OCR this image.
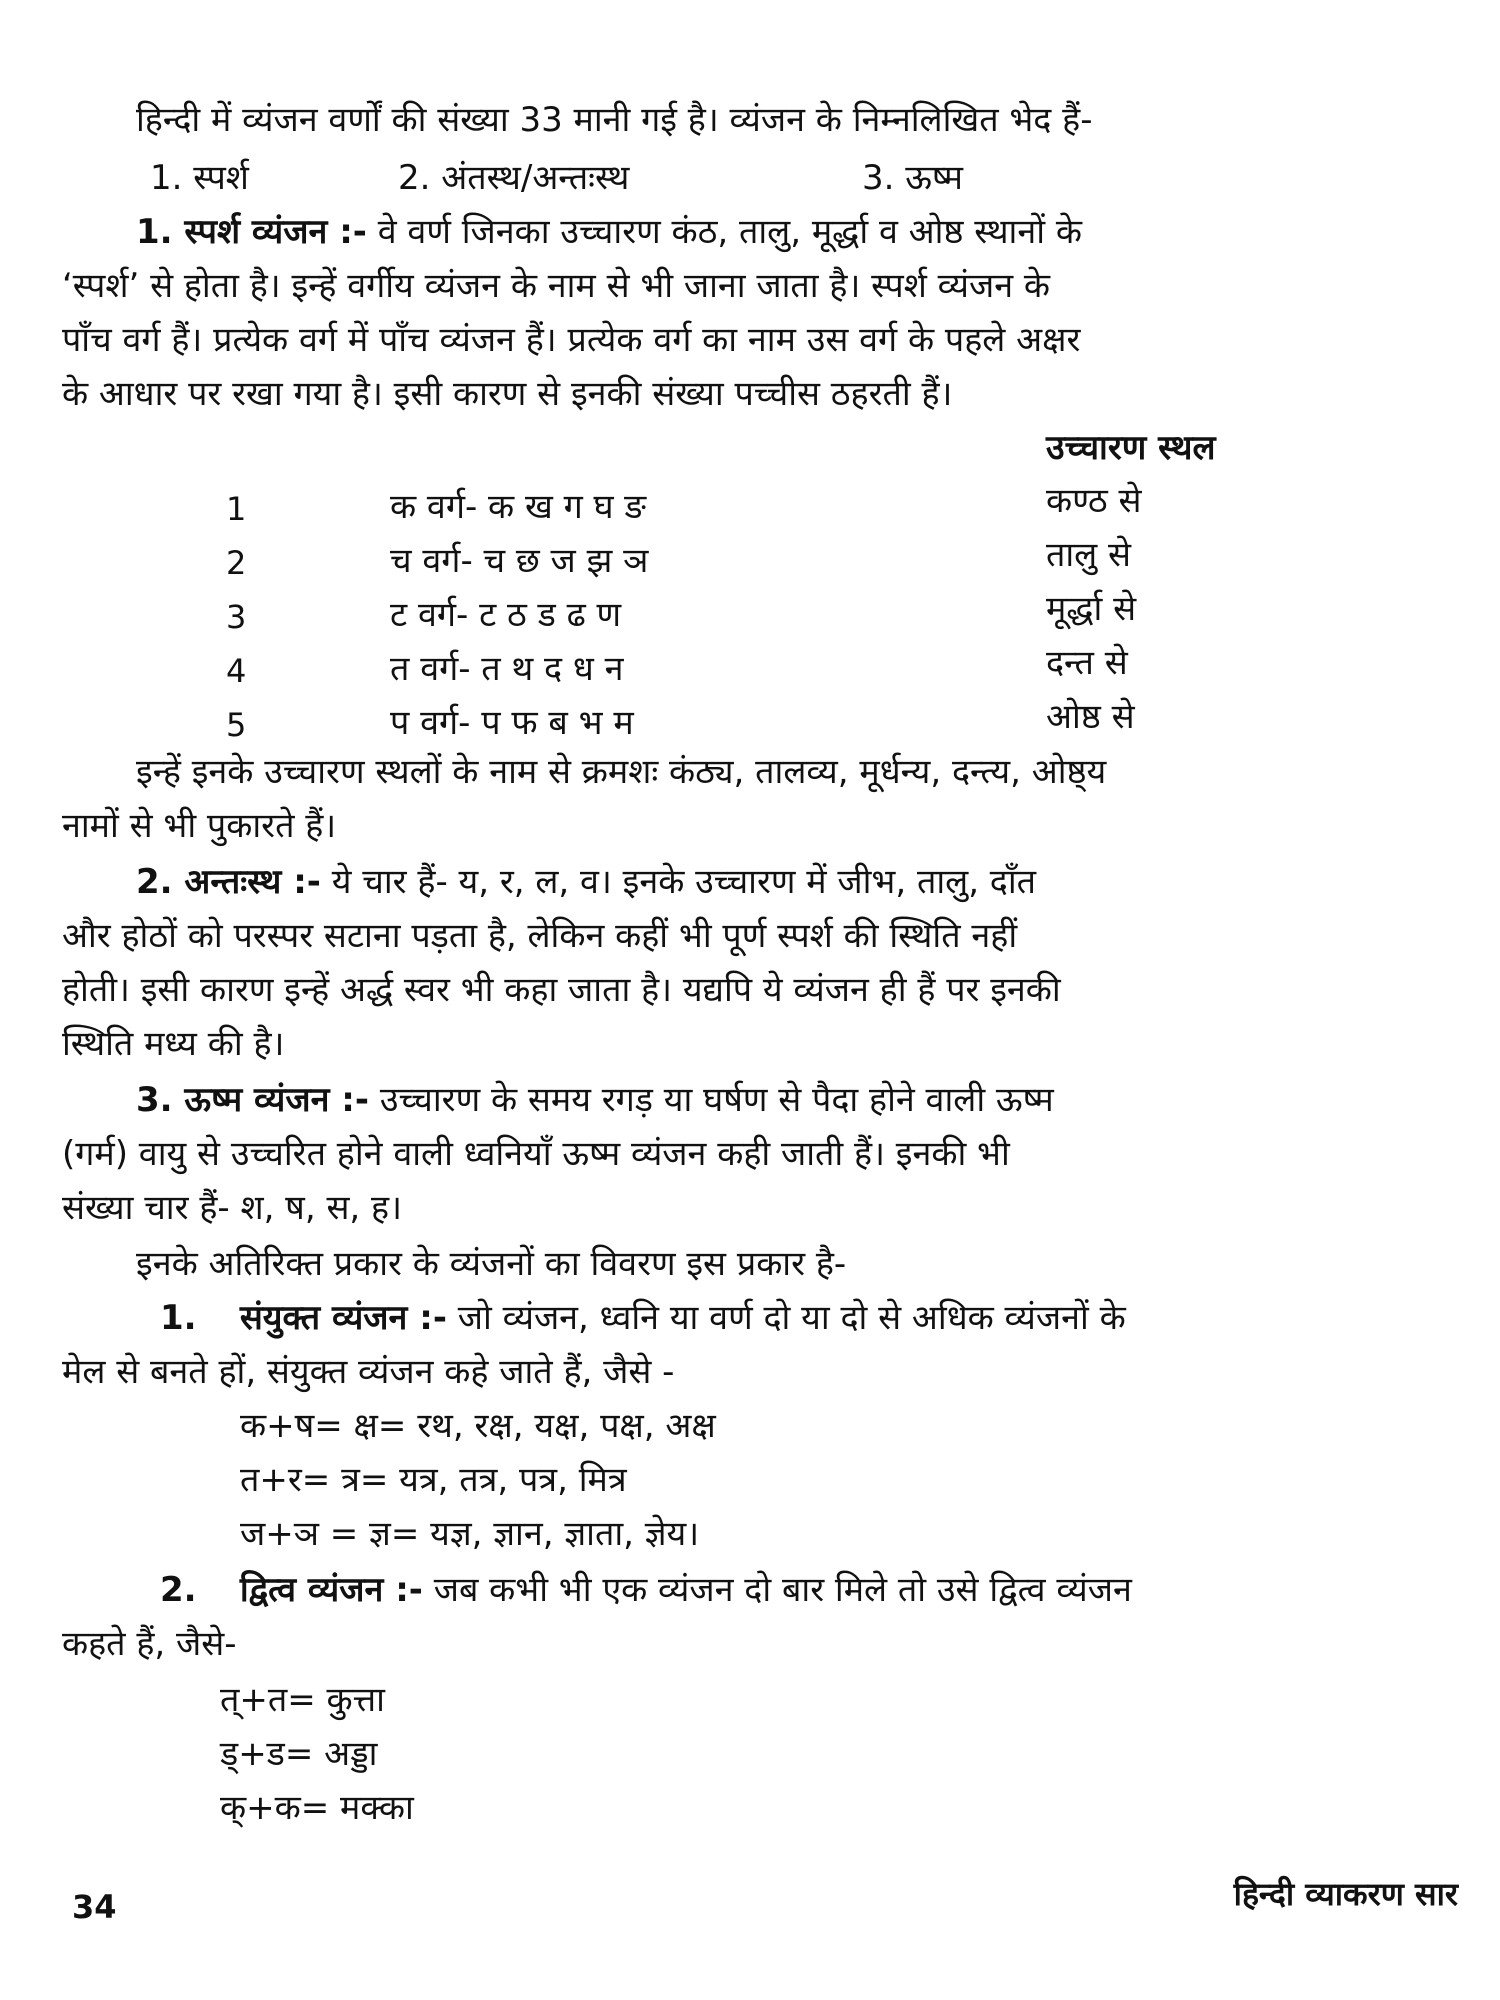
हिन्दी में व्यंजन वर्णों की संख्या 33 मानी गई है। व्यंजन के निम्नलिखित भेद हैं-
1. स्पर्श	2. अंतस्थ/अन्तःस्थ	3. ऊष्म
1. स्पर्श व्यंजन :- वे वर्ण जिनका उच्चारण कंठ, तालु, मूर्द्धा व ओष्ठ स्थानों के
‘स्पर्श’ से होता है। इन्हें वर्गीय व्यंजन के नाम से भी जाना जाता है। स्पर्श व्यंजन के
पाँच वर्ग हैं। प्रत्येक वर्ग में पाँच व्यंजन हैं। प्रत्येक वर्ग का नाम उस वर्ग के पहले अक्षर
के आधार पर रखा गया है। इसी कारण से इनकी संख्या पच्चीस ठहरती हैं।
उच्चारण स्थल
1	क वर्ग- क ख ग घ ङ	कण्ठ से
2	च वर्ग- च छ ज झ ञ	तालु से
3	ट वर्ग- ट ठ ड ढ ण	मूर्द्धा से
4	त वर्ग- त थ द ध न	दन्त से
5	प वर्ग- प फ ब भ म	ओष्ठ से
इन्हें इनके उच्चारण स्थलों के नाम से क्रमशः कंठ्य, तालव्य, मूर्धन्य, दन्त्य, ओष्ठ्य
नामों से भी पुकारते हैं।
2. अन्तःस्थ :- ये चार हैं- य, र, ल, व। इनके उच्चारण में जीभ, तालु, दाँत
और होठों को परस्पर सटाना पड़ता है, लेकिन कहीं भी पूर्ण स्पर्श की स्थिति नहीं
होती। इसी कारण इन्हें अर्द्ध स्वर भी कहा जाता है। यद्यपि ये व्यंजन ही हैं पर इनकी
स्थिति मध्य की है।
3. ऊष्म व्यंजन :- उच्चारण के समय रगड़ या घर्षण से पैदा होने वाली ऊष्म
(गर्म) वायु से उच्चरित होने वाली ध्वनियाँ ऊष्म व्यंजन कही जाती हैं। इनकी भी
संख्या चार हैं- श, ष, स, ह।
इनके अतिरिक्त प्रकार के व्यंजनों का विवरण इस प्रकार है-
1. संयुक्त व्यंजन :- जो व्यंजन, ध्वनि या वर्ण दो या दो से अधिक व्यंजनों के
मेल से बनते हों, संयुक्त व्यंजन कहे जाते हैं, जैसे -
क+ष= क्ष= रथ, रक्ष, यक्ष, पक्ष, अक्ष
त+र= त्र= यत्र, तत्र, पत्र, मित्र
ज+ञ = ज्ञ= यज्ञ, ज्ञान, ज्ञाता, ज्ञेय।
2. द्वित्व व्यंजन :- जब कभी भी एक व्यंजन दो बार मिले तो उसे द्वित्व व्यंजन
कहते हैं, जैसे-
त्+त= कुत्ता
ड्+ड= अड्डा
क्+क= मक्का
34	हिन्दी व्याकरण सार
